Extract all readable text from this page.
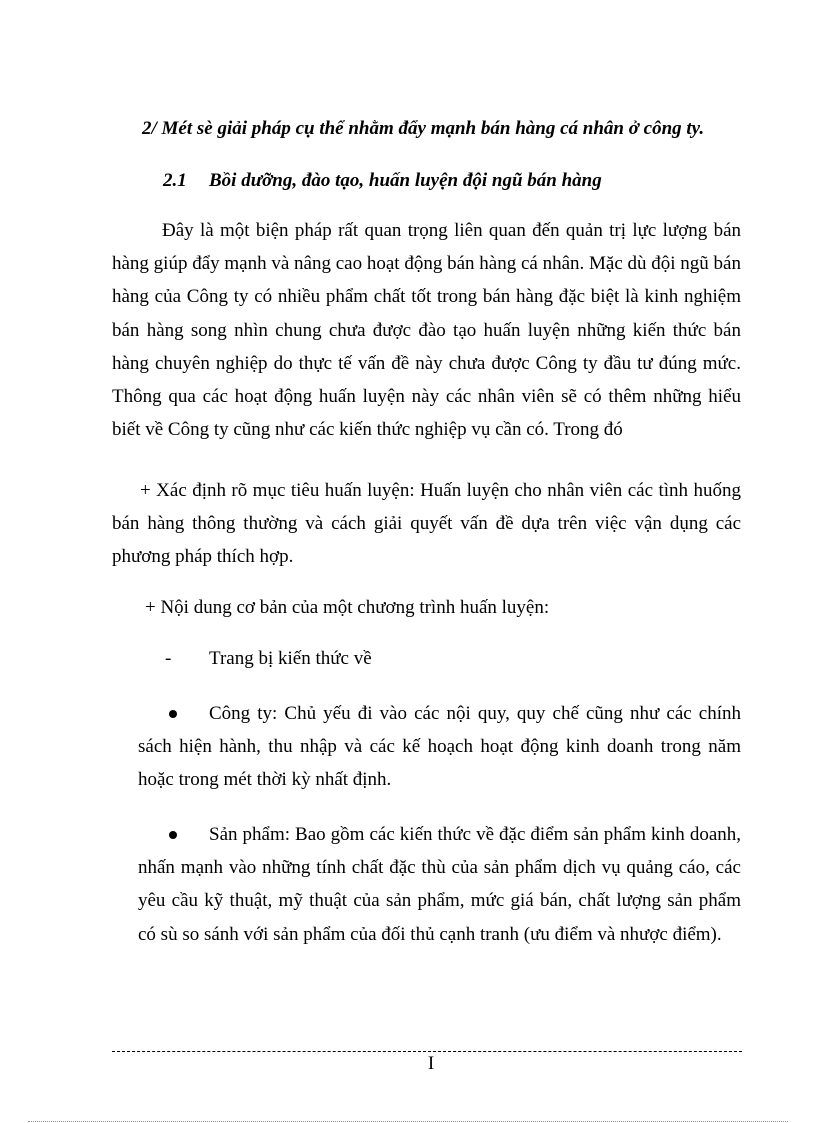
2/ Mét sè giải pháp cụ thể nhằm đẩy mạnh bán hàng cá nhân ở công ty.
2.1 Bồi dưỡng, đào tạo, huấn luyện đội ngũ bán hàng

Đây là một biện pháp rất quan trọng liên quan đến quản trị lực lượng bán hàng giúp đẩy mạnh và nâng cao hoạt động bán hàng cá nhân. Mặc dù đội ngũ bán hàng của Công ty có nhiều phẩm chất tốt trong bán hàng đặc biệt là kinh nghiệm bán hàng song nhìn chung chưa được đào tạo huấn luyện những kiến thức bán hàng chuyên nghiệp do thực tế vấn đề này chưa được Công ty đầu tư đúng mức. Thông qua các hoạt động huấn luyện này các nhân viên sẽ có thêm những hiểu biết về Công ty cũng như các kiến thức nghiệp vụ cần có. Trong đó

+ Xác định rõ mục tiêu huấn luyện: Huấn luyện cho nhân viên các tình huống bán hàng thông thường và cách giải quyết vấn đề dựa trên việc vận dụng các phương pháp thích hợp.

+ Nội dung cơ bản của một chương trình huấn luyện:
- Trang bị kiến thức về

Công ty: Chủ yếu đi vào các nội quy, quy chế cũng như các chính sách hiện hành, thu nhập và các kế hoạch hoạt động kinh doanh trong năm hoặc trong mét thời kỳ nhất định.

Sản phẩm: Bao gồm các kiến thức về đặc điểm sản phẩm kinh doanh, nhấn mạnh vào những tính chất đặc thù của sản phẩm dịch vụ quảng cáo, các yêu cầu kỹ thuật, mỹ thuật của sản phẩm, mức giá bán, chất lượng sản phẩm có sù so sánh với sản phẩm của đối thủ cạnh tranh (ưu điểm và nhược điểm).

I
